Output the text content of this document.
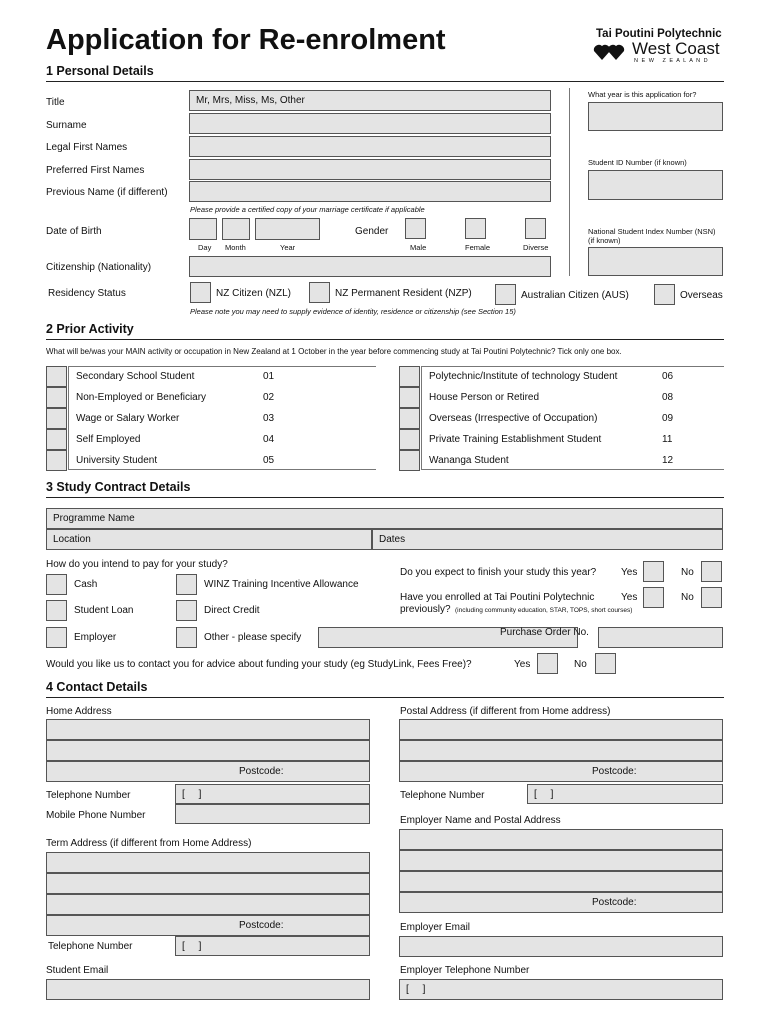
Application for Re-enrolment	Tai Poutini Polytechnic
West Coast
N E W   Z E A L A N D
1 Personal Details
Title	Mr, Mrs, Miss, Ms, Other
Surname
Legal First Names
Preferred First Names
Previous Name (if different)
Please provide a certified copy of your marriage certificate if applicable
Date of Birth
Day Month	Year
Gender
Male	Female	Diverse
Citizenship (Nationality)
Residency Status	NZ Citizen (NZL)	NZ Permanent Resident (NZP)	Australian Citizen (AUS)	Overseas
Please note you may need to supply evidence of identity, residence or citizenship (see Section 15)
What year is this application for?
Student ID Number (if known)
National Student Index Number (NSN) (if known)
2 Prior Activity
What will be/was your MAIN activity or occupation in New Zealand at 1 October in the year before commencing study at Tai Poutini Polytechnic? Tick only one box.
Secondary School Student	01
Non-Employed or Beneficiary	02
Wage or Salary Worker	03
Self Employed	04
University Student	05
Polytechnic/Institute of technology Student	06
House Person or Retired	08
Overseas (Irrespective of Occupation)	09
Private Training Establishment Student	11
Wananga Student	12
3 Study Contract Details
Programme Name
Location	Dates
How do you intend to pay for your study?
Cash	WINZ Training Incentive Allowance
Student Loan	Direct Credit
Employer	Other - please specify
Do you expect to finish your study this year? Yes	No
Have you enrolled at Tai Poutini Polytechnic
previously? (including community education, STAR, TOPS, short courses)
Yes	No
Purchase Order No.
Would you like us to contact you for advice about funding your study (eg StudyLink, Fees Free)?	Yes	No
4 Contact Details
Home Address
Postcode:
Telephone Number	[     ]
Mobile Phone Number
Postal Address (if different from Home address)
Postcode:
Telephone Number	[     ]
Employer Name and Postal Address
Postcode:
Term Address (if different from Home Address)
Postcode:
Telephone Number	[     ]
Student Email
Employer Email
Employer Telephone Number
[     ]
